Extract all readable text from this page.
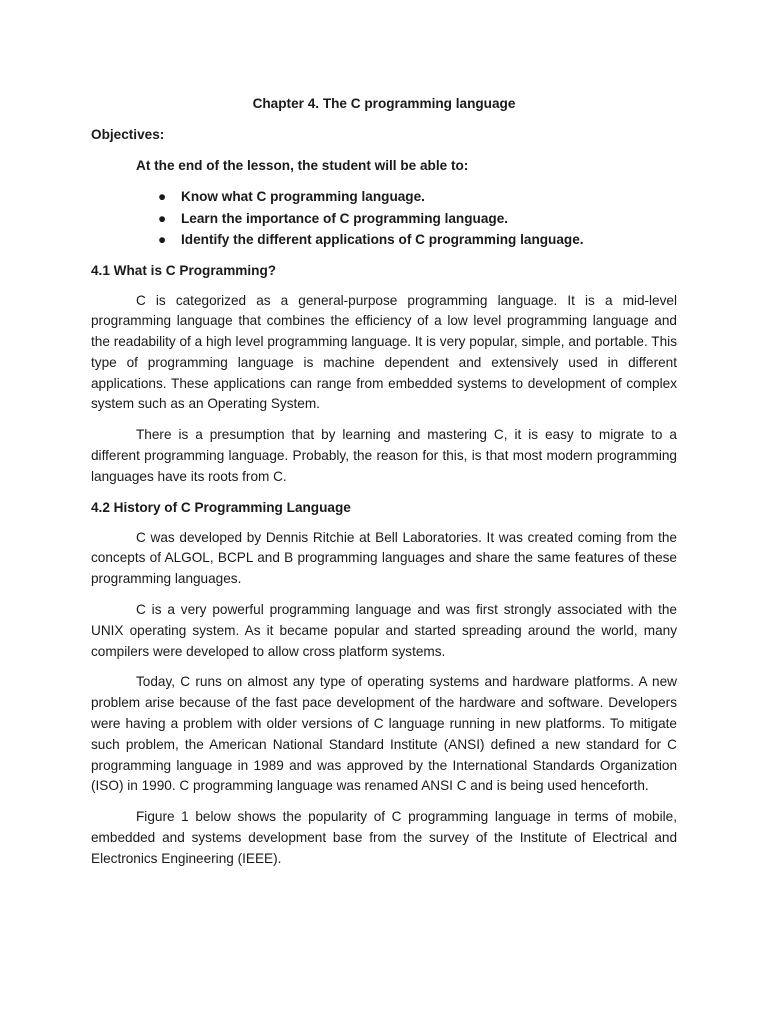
Chapter 4. The C programming language
Objectives:
At the end of the lesson, the student will be able to:
● Know what C programming language.
● Learn the importance of C programming language.
● Identify the different applications of C programming language.
4.1 What is C Programming?

C is categorized as a general-purpose programming language. It is a mid-level programming language that combines the efficiency of a low level programming language and the readability of a high level programming language. It is very popular, simple, and portable. This type of programming language is machine dependent and extensively used in different applications. These applications can range from embedded systems to development of complex system such as an Operating System.

There is a presumption that by learning and mastering C, it is easy to migrate to a different programming language. Probably, the reason for this, is that most modern programming languages have its roots from C.

4.2 History of C Programming Language

C was developed by Dennis Ritchie at Bell Laboratories. It was created coming from the concepts of ALGOL, BCPL and B programming languages and share the same features of these programming languages.

C is a very powerful programming language and was first strongly associated with the UNIX operating system. As it became popular and started spreading around the world, many compilers were developed to allow cross platform systems.

Today, C runs on almost any type of operating systems and hardware platforms. A new problem arise because of the fast pace development of the hardware and software. Developers were having a problem with older versions of C language running in new platforms. To mitigate such problem, the American National Standard Institute (ANSI) defined a new standard for C programming language in 1989 and was approved by the International Standards Organization (ISO) in 1990. C programming language was renamed ANSI C and is being used henceforth.

Figure 1 below shows the popularity of C programming language in terms of mobile, embedded and systems development base from the survey of the Institute of Electrical and Electronics Engineering (IEEE).
